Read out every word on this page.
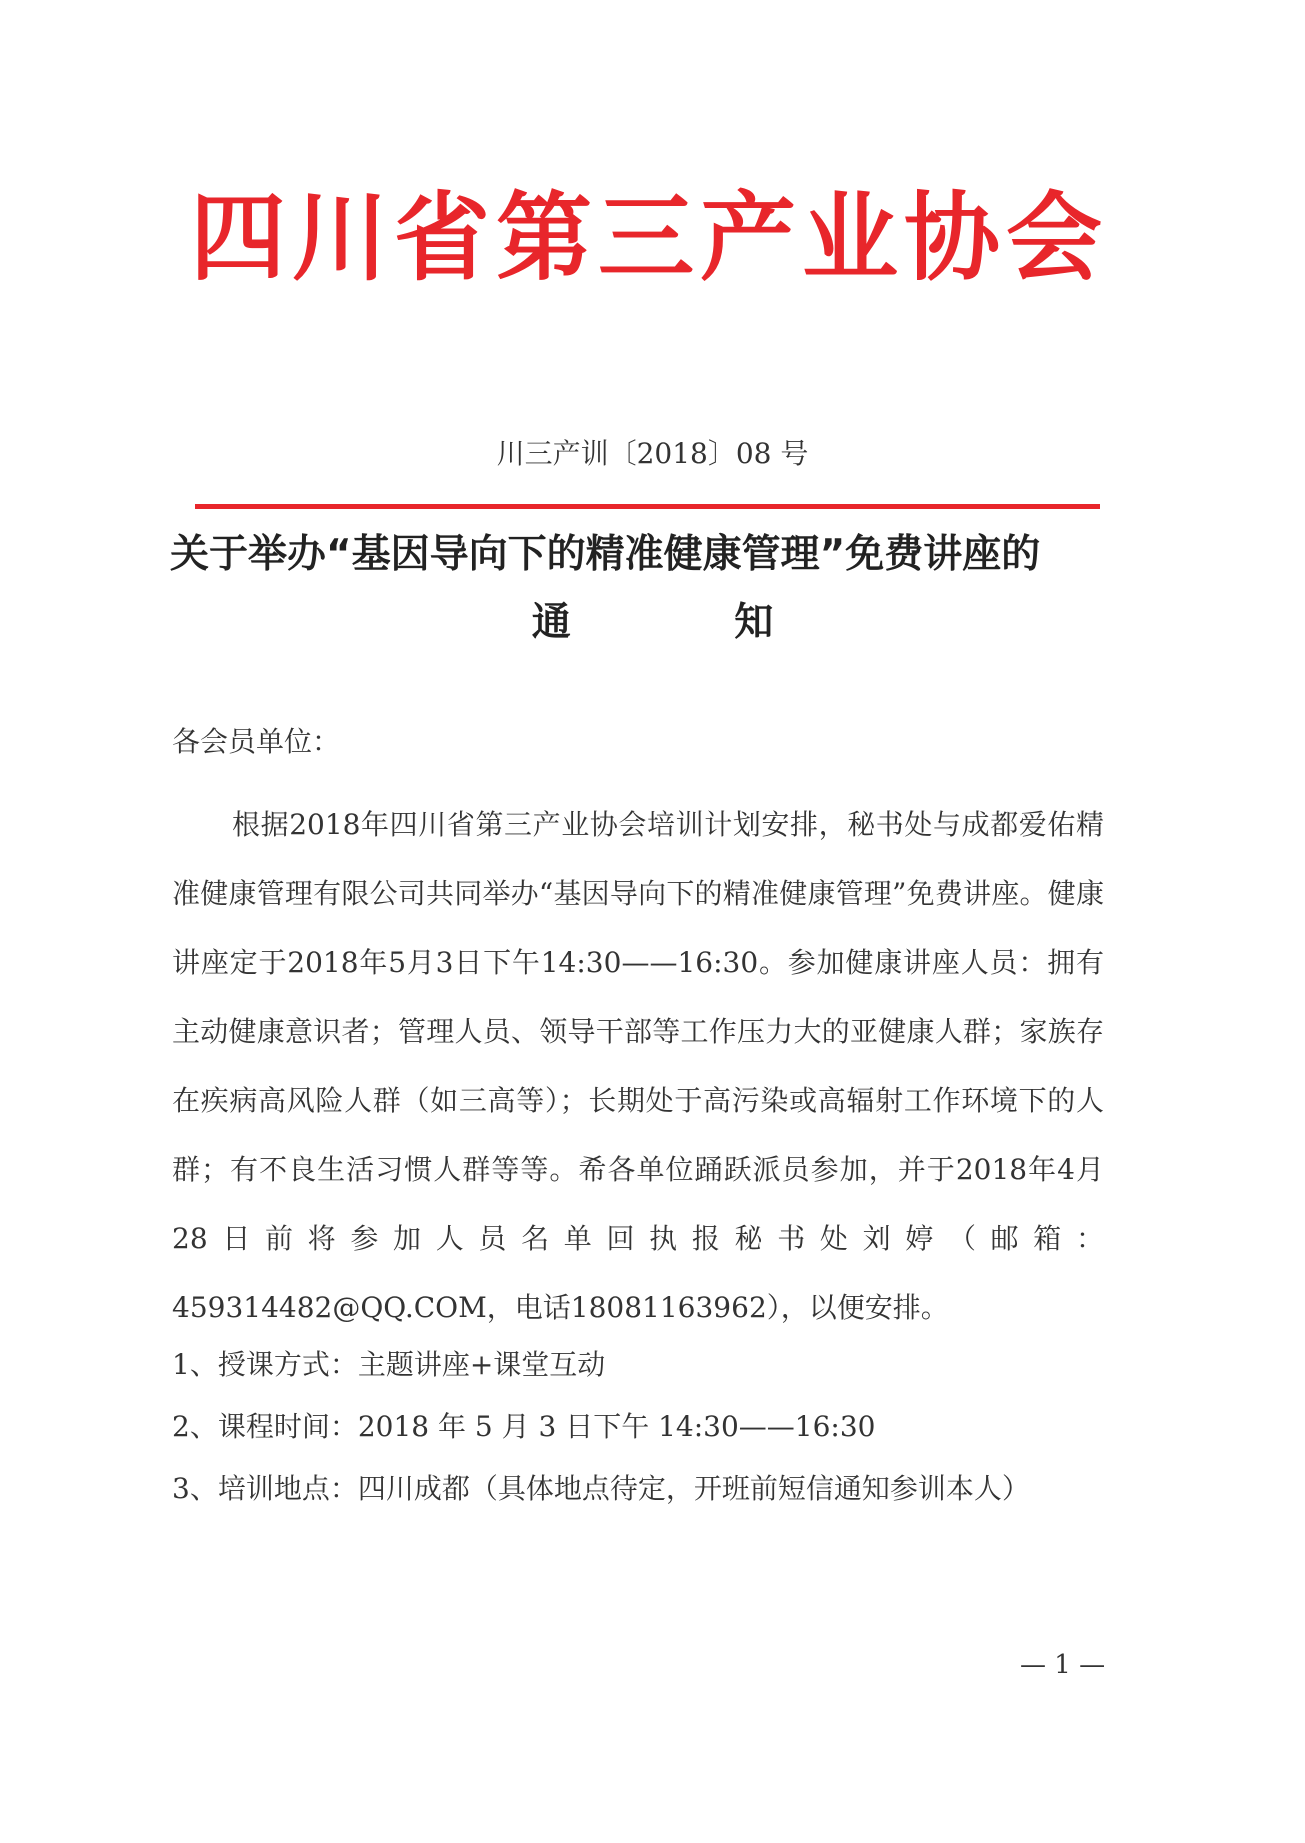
四川省第三产业协会
川三产训〔2018〕08 号
关于举办“基因导向下的精准健康管理”免费讲座的
通 知
各会员单位：

根据2018年四川省第三产业协会培训计划安排，秘书处与成都爱佑精准健康管理有限公司共同举办“基因导向下的精准健康管理”免费讲座。健康讲座定于2018年5月3日下午14:30——16:30。参加健康讲座人员：拥有主动健康意识者；管理人员、领导干部等工作压力大的亚健康人群；家族存在疾病高风险人群（如三高等）；长期处于高污染或高辐射工作环境下的人群；有不良生活习惯人群等等。希各单位踊跃派员参加，并于2018年4月28日前将参加人员名单回执报秘书处刘婷（邮箱：459314482@QQ.COM，电话18081163962），以便安排。

1、授课方式：主题讲座+课堂互动
2、课程时间：2018 年 5 月 3 日下午 14:30——16:30
3、培训地点：四川成都（具体地点待定，开班前短信通知参训本人）
— 1 —
